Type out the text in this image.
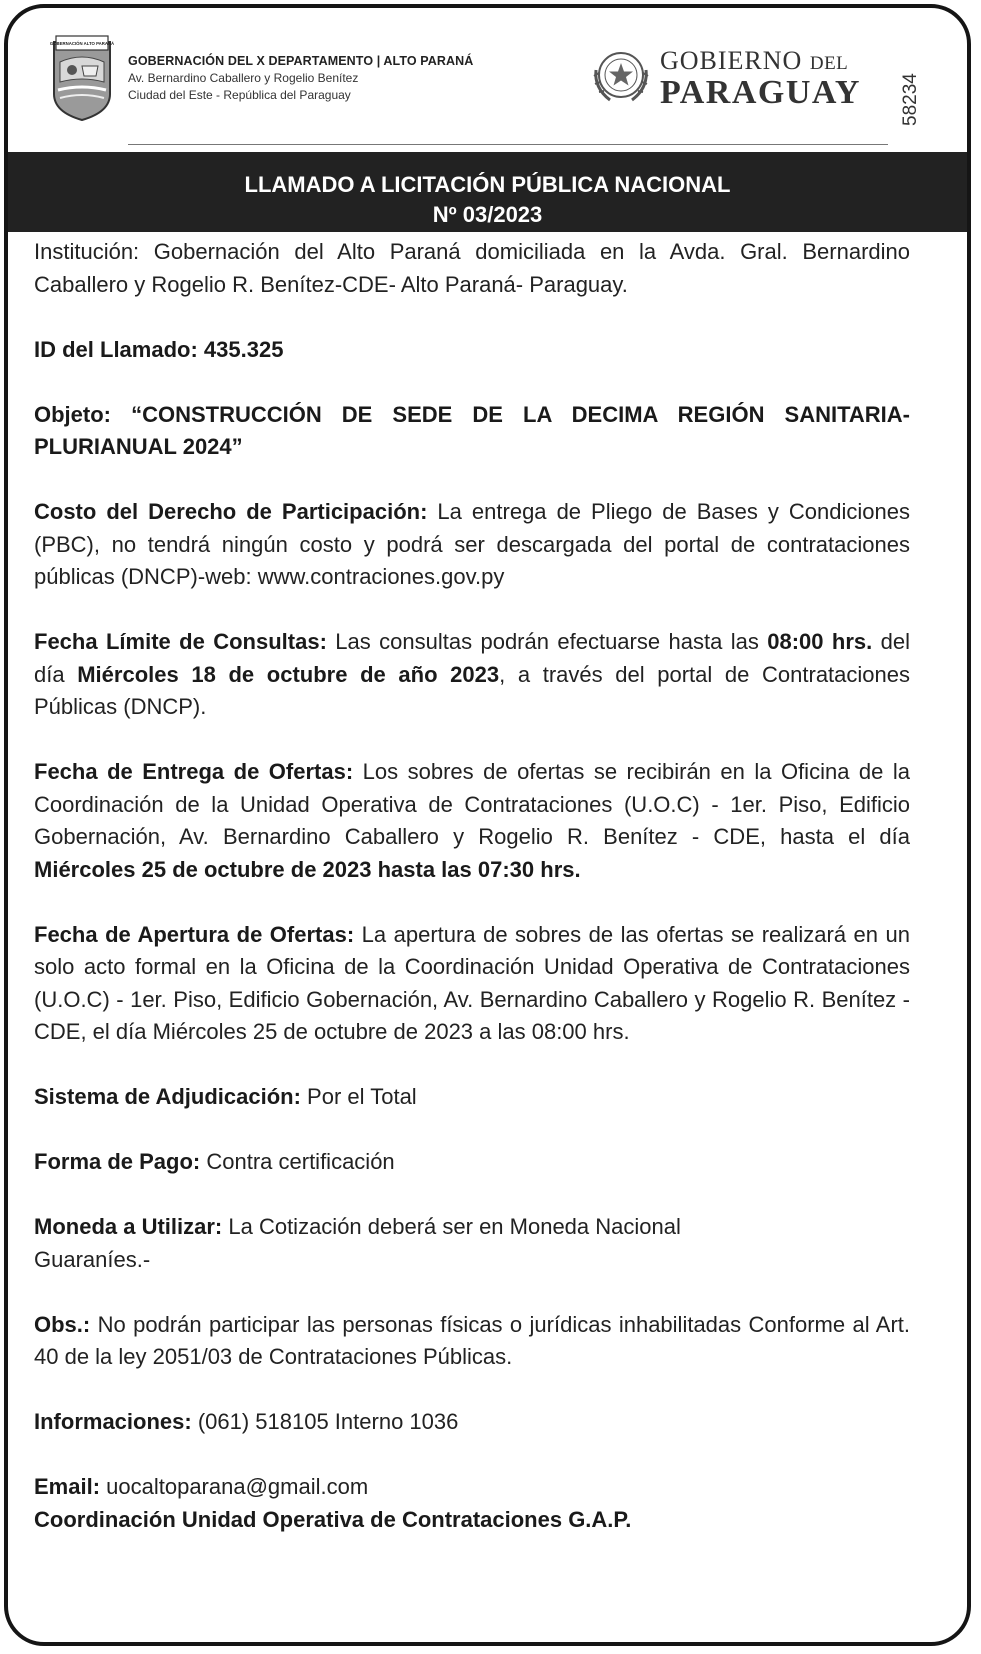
GOBERNACIÓN ALTO PARANÁ
GOBERNACIÓN DEL X DEPARTAMENTO | ALTO PARANÁ
Av. Bernardino Caballero y Rogelio Benítez
Ciudad del Este - República del Paraguay
GOBIERNO DEL
PARAGUAY 58234
LLAMADO A LICITACIÓN PÚBLICA NACIONAL
Nº 03/2023

Institución: Gobernación del Alto Paraná domiciliada en la Avda. Gral. Bernardino Caballero y Rogelio R. Benítez-CDE- Alto Paraná- Paraguay.

ID del Llamado: 435.325

Objeto: “CONSTRUCCIÓN DE SEDE DE LA DECIMA REGIÓN SANITARIA-PLURIANUAL 2024”

Costo del Derecho de Participación: La entrega de Pliego de Bases y Condiciones (PBC), no tendrá ningún costo y podrá ser descargada del portal de contrataciones públicas (DNCP)-web: www.contraciones.gov.py

Fecha Límite de Consultas: Las consultas podrán efectuarse hasta las 08:00 hrs. del día Miércoles 18 de octubre de año 2023, a través del portal de Contrataciones Públicas (DNCP).

Fecha de Entrega de Ofertas: Los sobres de ofertas se recibirán en la Oficina de la Coordinación de la Unidad Operativa de Contrataciones (U.O.C) - 1er. Piso, Edificio Gobernación, Av. Bernardino Caballero y Rogelio R. Benítez - CDE, hasta el día Miércoles 25 de octubre de 2023 hasta las 07:30 hrs.

Fecha de Apertura de Ofertas: La apertura de sobres de las ofertas se realizará en un solo acto formal en la Oficina de la Coordinación Unidad Operativa de Contrataciones (U.O.C) - 1er. Piso, Edificio Gobernación, Av. Bernardino Caballero y Rogelio R. Benítez - CDE, el día Miércoles 25 de octubre de 2023 a las 08:00 hrs.

Sistema de Adjudicación: Por el Total

Forma de Pago: Contra certificación

Moneda a Utilizar: La Cotización deberá ser en Moneda Nacional
Guaraníes.-

Obs.: No podrán participar las personas físicas o jurídicas inhabilitadas Conforme al Art. 40 de la ley 2051/03 de Contrataciones Públicas.

Informaciones: (061) 518105 Interno 1036

Email: uocaltoparana@gmail.com

Coordinación Unidad Operativa de Contrataciones G.A.P.
